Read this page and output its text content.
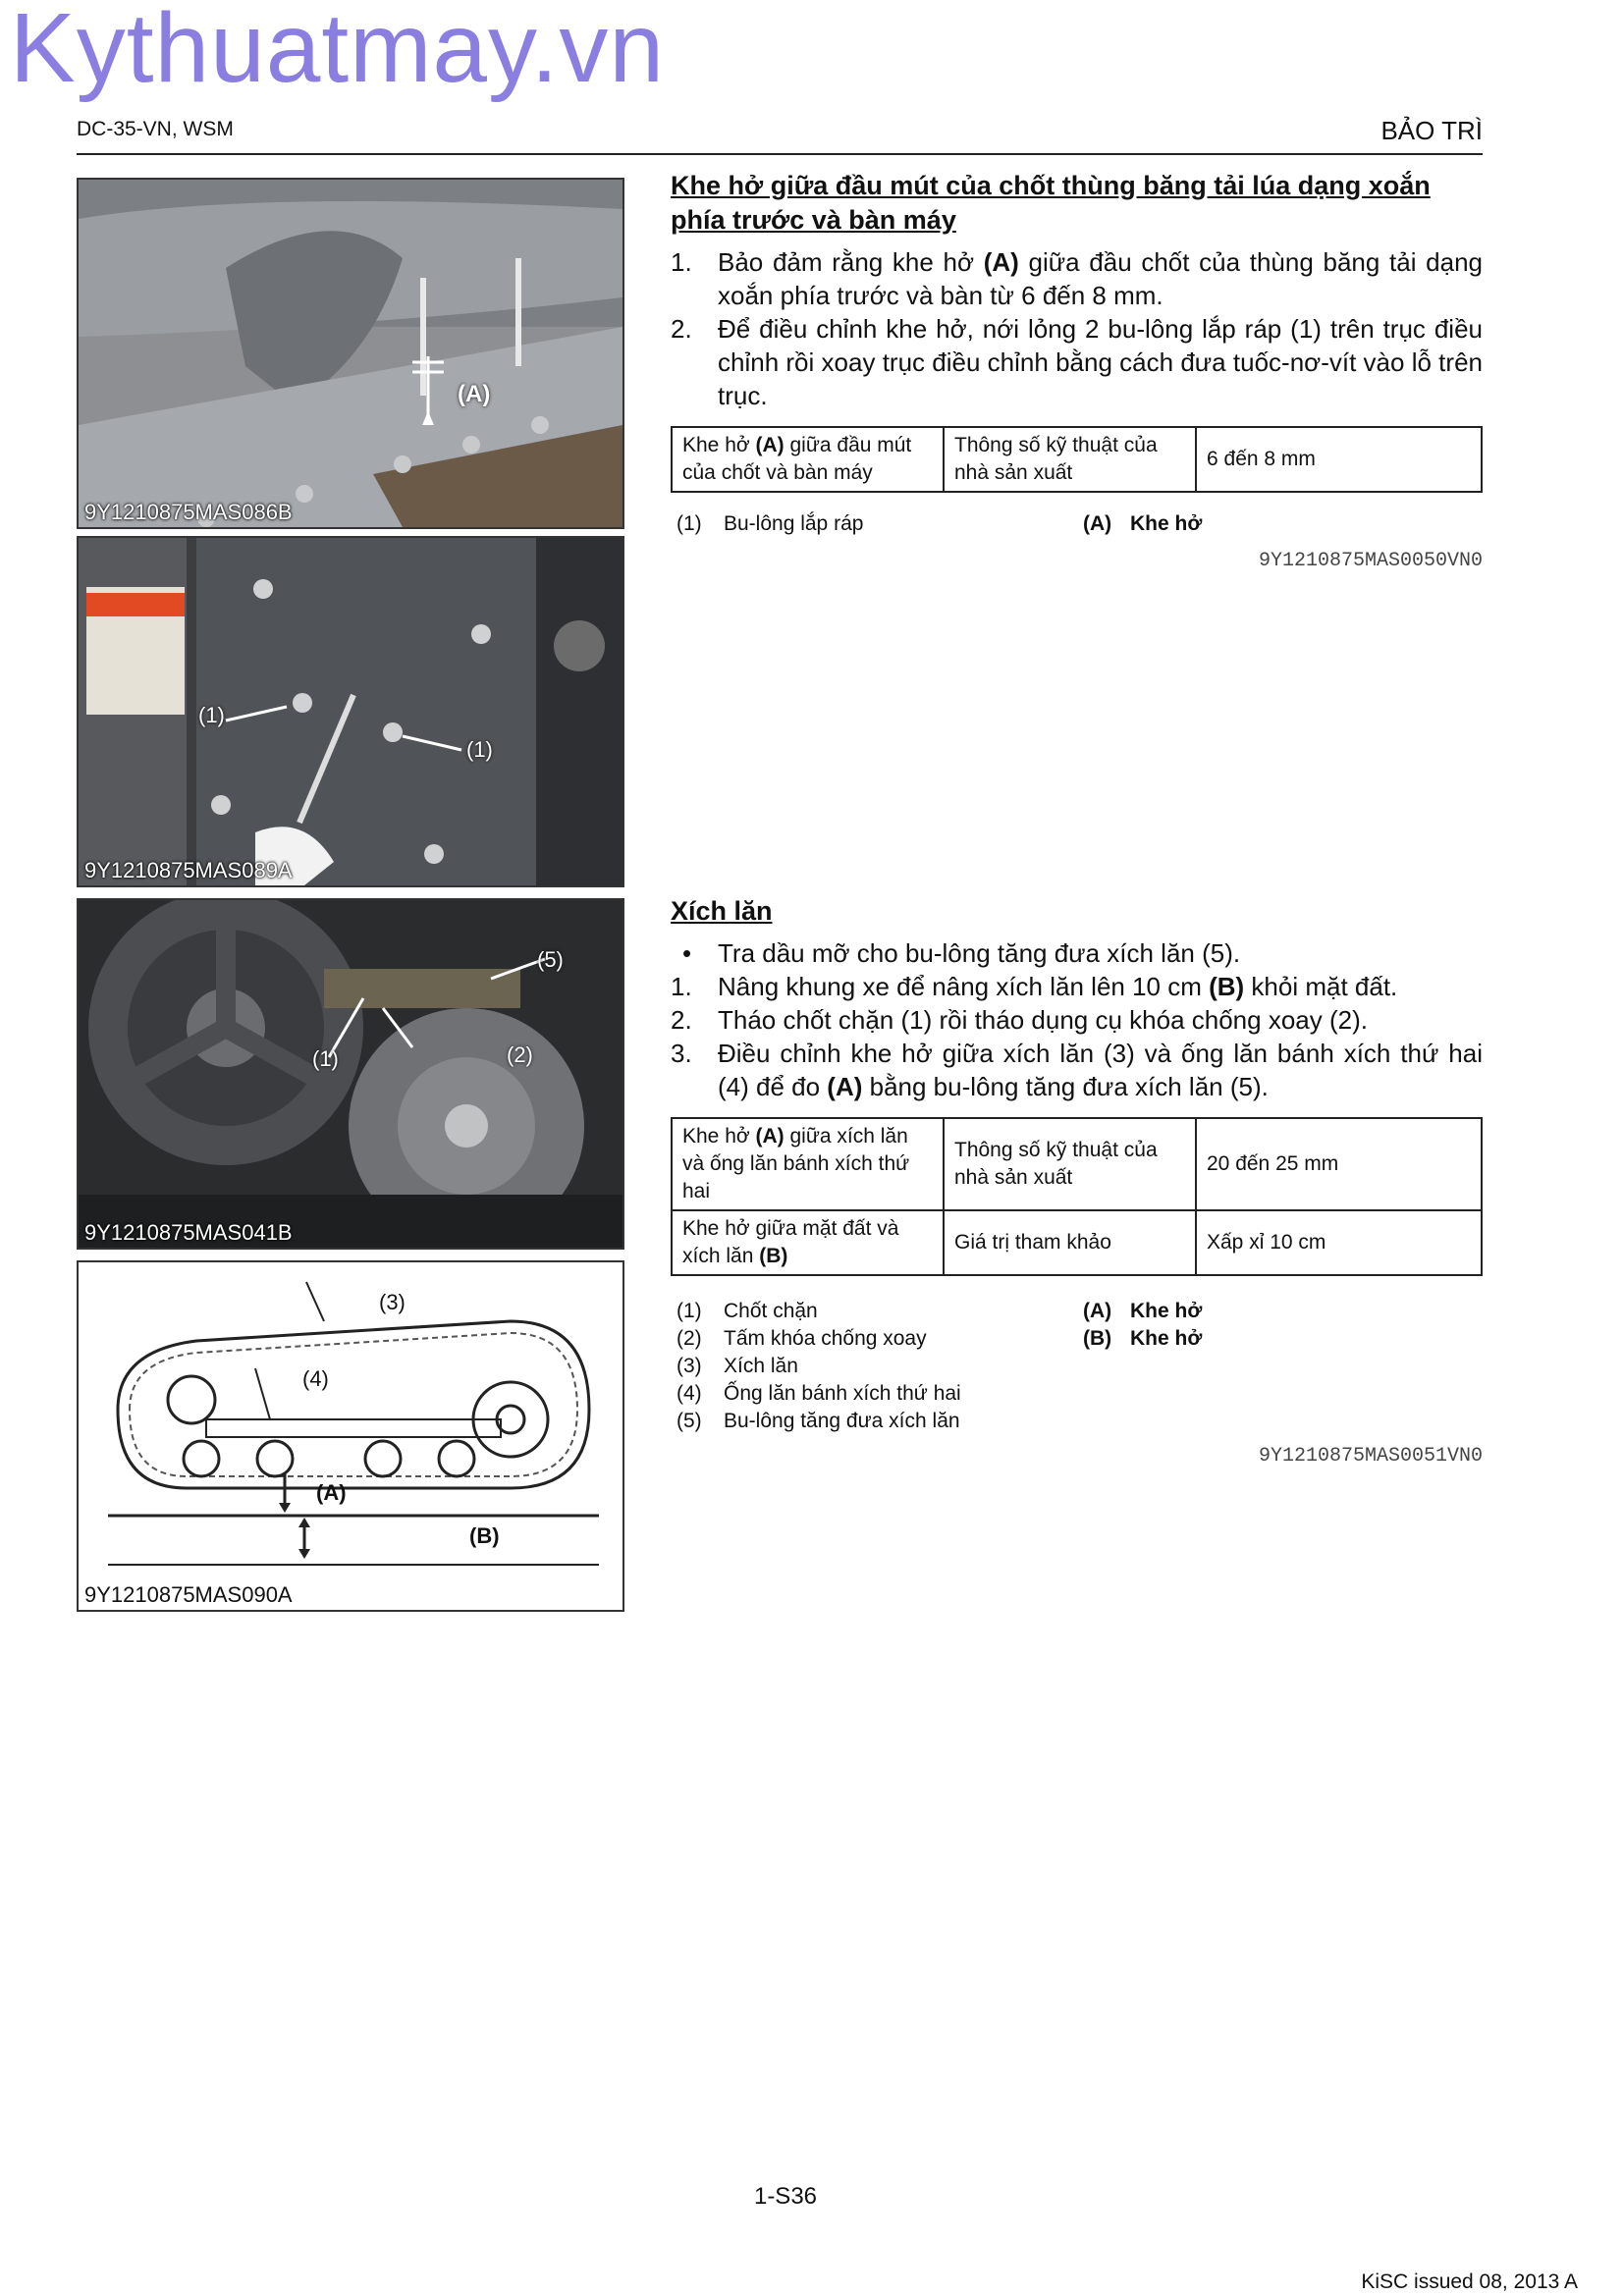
Kythuatmay.vn
DC-35-VN, WSM	BẢO TRÌ
(A)
9Y1210875MAS086B
(1)
(1)
9Y1210875MAS089A
(1)	(2)
(5)
9Y1210875MAS041B
(3)
(4)
(A)
(B)
9Y1210875MAS090A
Khe hở giữa đầu mút của chốt thùng băng tải lúa dạng xoắn
phía trước và bàn máy
1.	Bảo đảm rằng khe hở (A) giữa đầu chốt của thùng băng tải dạng xoắn phía trước và bàn từ 6 đến 8 mm.
2.	Để điều chỉnh khe hở, nới lỏng 2 bu-lông lắp ráp (1) trên trục điều chỉnh rồi xoay trục điều chỉnh bằng cách đưa tuốc-nơ-vít vào lỗ trên trục.
Khe hở (A) giữa đầu mút của chốt và bàn máy	Thông số kỹ thuật của nhà sản xuất	6 đến 8 mm
(1)	Bu-lông lắp ráp	(A) Khe hở
9Y1210875MAS0050VN0
Xích lăn
•	Tra dầu mỡ cho bu-lông tăng đưa xích lăn (5).
1.	Nâng khung xe để nâng xích lăn lên 10 cm (B) khỏi mặt đất.
2.	Tháo chốt chặn (1) rồi tháo dụng cụ khóa chống xoay (2).
3.	Điều chỉnh khe hở giữa xích lăn (3) và ống lăn bánh xích thứ hai (4) để đo (A) bằng bu-lông tăng đưa xích lăn (5).
Khe hở (A) giữa xích lăn và ống lăn bánh xích thứ hai	Thông số kỹ thuật của nhà sản xuất	20 đến 25 mm
Khe hở giữa mặt đất và xích lăn (B)	Giá trị tham khảo	Xấp xỉ 10 cm
(1)	Chốt chặn
(2)	Tấm khóa chống xoay
(3)	Xích lăn
(4)	Ống lăn bánh xích thứ hai
(5)	Bu-lông tăng đưa xích lăn
(A) Khe hở
(B) Khe hở
9Y1210875MAS0051VN0
1-S36
KiSC issued 08, 2013 A
